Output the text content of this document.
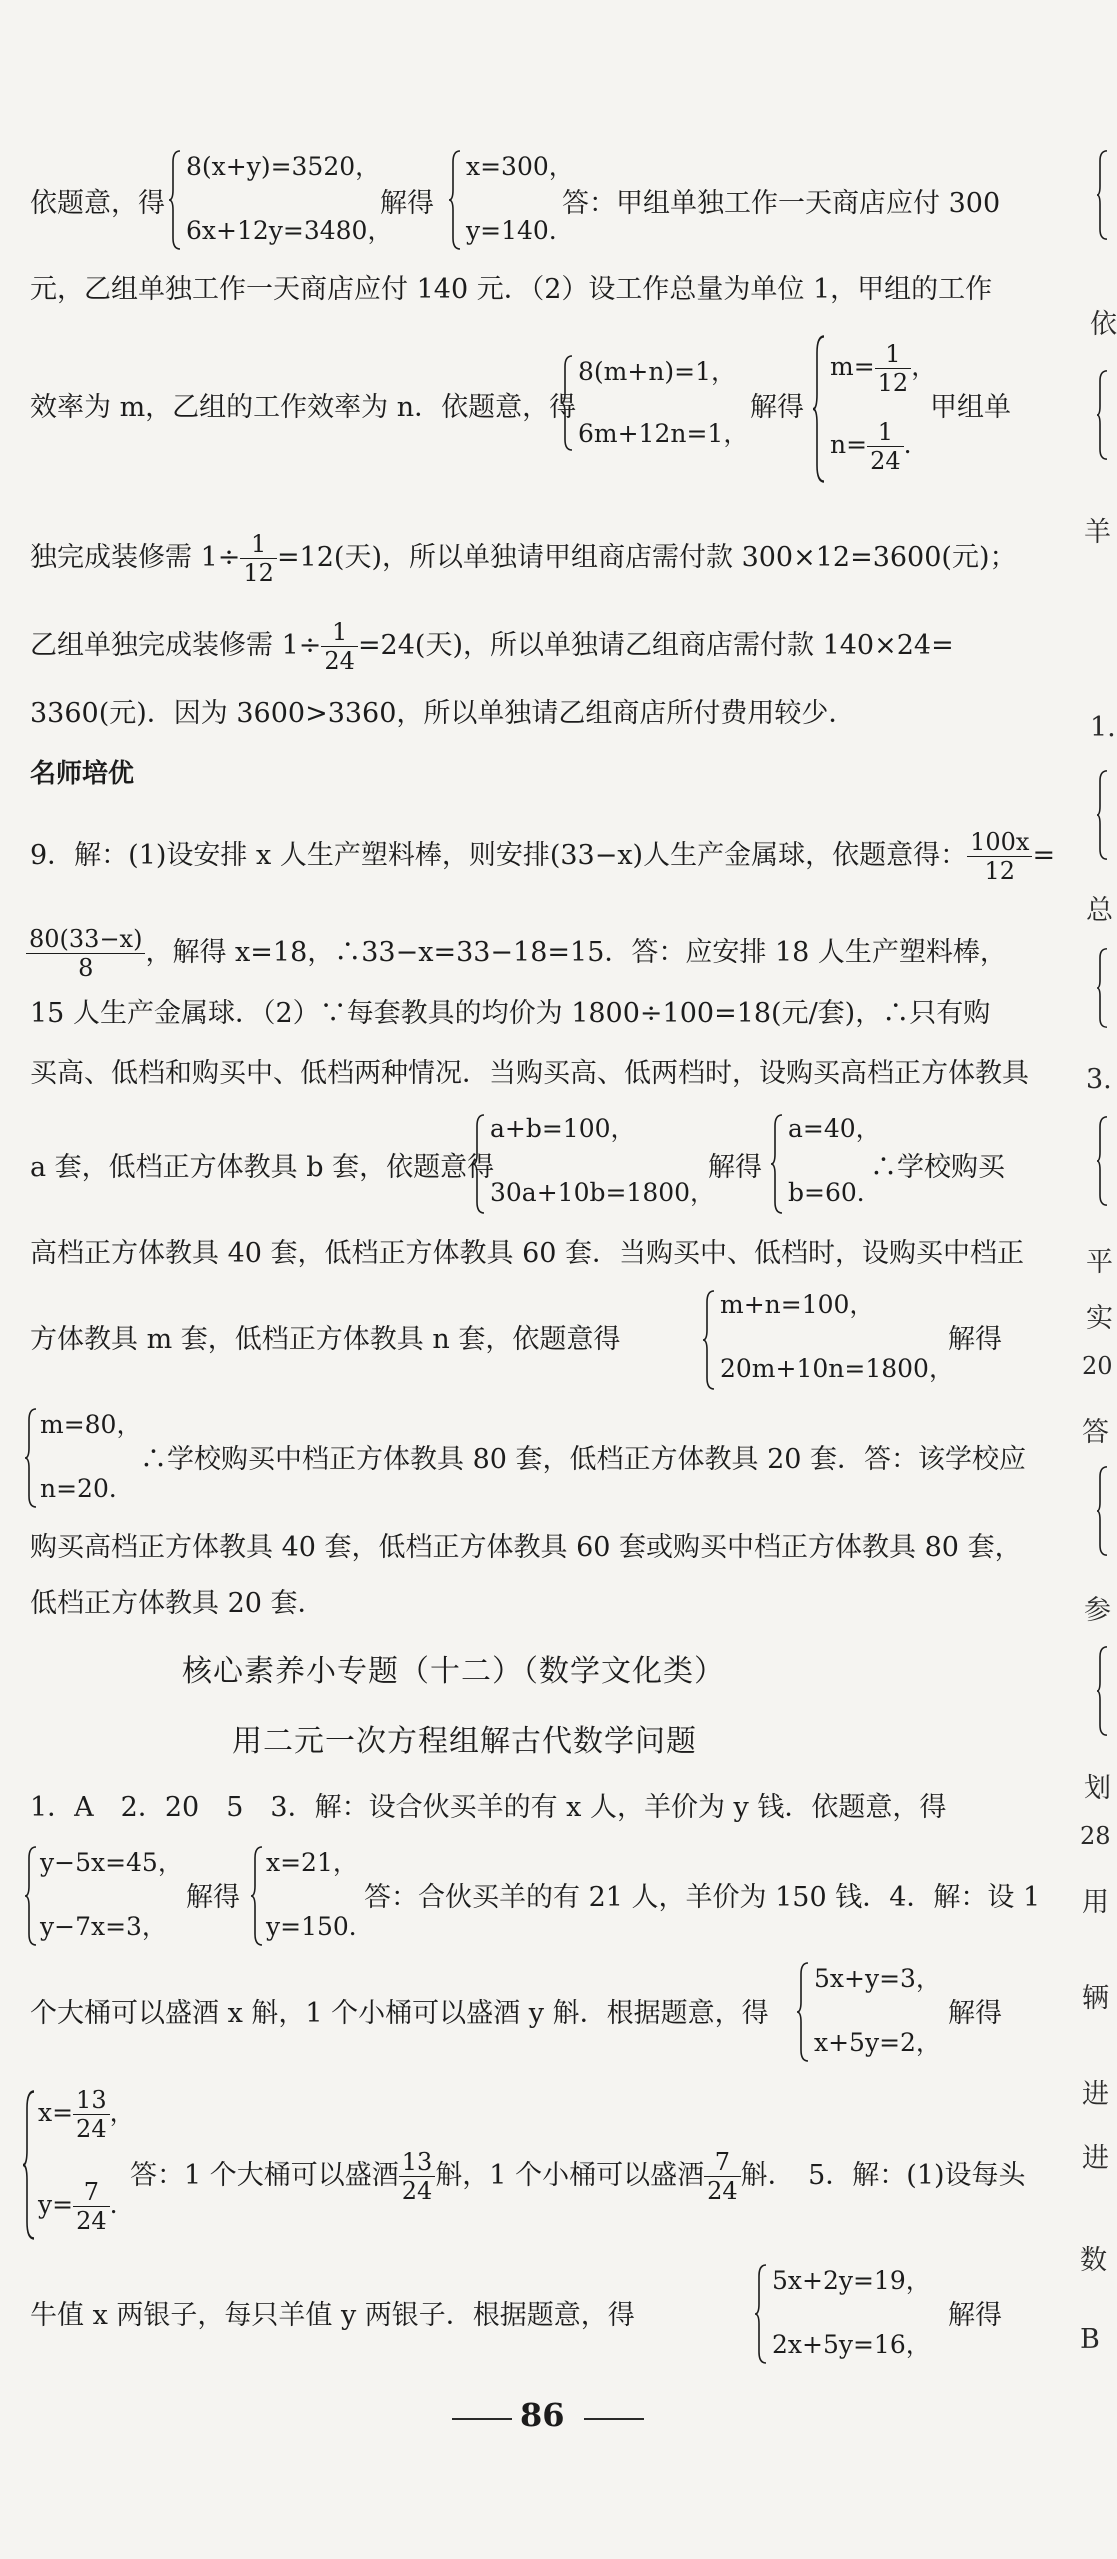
依题意，得
8(x+y)=3520，
6x+12y=3480，
解得
x=300，
y=140.
答：甲组单独工作一天商店应付 300
元，乙组单独工作一天商店应付 140 元．（2）设工作总量为单位 1，甲组的工作
效率为 m，乙组的工作效率为 n．依题意，得
8(m+n)=1，
6m+12n=1，
解得
$m= \frac{1}{12}$ ，
$n= \frac{1}{24}$ .
甲组单
独完成装修需 $1\div \frac{1}{12} =12$(天)，所以单独请甲组商店需付款 300×12=3600(元)；
乙组单独完成装修需 $1\div \frac{1}{24} =24$(天)，所以单独请乙组商店需付款 140×24=
3360(元)．因为 3600>3360，所以单独请乙组商店所付费用较少．
名师培优
9．解：(1)设安排 x 人生产塑料棒，则安排(33−x)人生产金属球，依题意得： $\frac{100x}{12}$ =
$\frac{80(33-x)}{8}$ ，解得 x=18，∴33−x=33−18=15．答：应安排 18 人生产塑料棒，
15 人生产金属球．（2）∵每套教具的均价为 1800÷100=18(元/套)，∴只有购
买高、低档和购买中、低档两种情况．当购买高、低两档时，设购买高档正方体教具
a 套，低档正方体教具 b 套，依题意得
a+b=100，
30a+10b=1800，
解得
a=40，
b=60．
∴学校购买
高档正方体教具 40 套，低档正方体教具 60 套．当购买中、低档时，设购买中档正
方体教具 m 套，低档正方体教具 n 套，依题意得
m+n=100，
20m+10n=1800，
解得
m=80，
n=20．
∴学校购买中档正方体教具 80 套，低档正方体教具 20 套．答：该学校应
购买高档正方体教具 40 套，低档正方体教具 60 套或购买中档正方体教具 80 套，
低档正方体教具 20 套．
核心素养小专题（十二）（数学文化类）
用二元一次方程组解古代数学问题
1．A　2．20　5　3．解：设合伙买羊的有 x 人，羊价为 y 钱．依题意，得
y−5x=45，
y−7x=3，
解得
x=21，
y=150．
答：合伙买羊的有 21 人，羊价为 150 钱．4．解：设 1
个大桶可以盛酒 x 斛，1 个小桶可以盛酒 y 斛．根据题意，得
5x+y=3，
x+5y=2，
解得
$x= \frac{13}{24}$ ，
$y= \frac{7}{24}$ .
答：1 个大桶可以盛酒 $\frac{13}{24}$ 斛，1 个小桶可以盛酒 $\frac{7}{24}$ 斛．　5．解：(1)设每头
牛值 x 两银子，每只羊值 y 两银子．根据题意，得
5x+2y=19，
2x+5y=16，
解得
86
依
羊
1.
总
3.
平
实
20
答
参
划
28
用
辆
进
进
数
B
